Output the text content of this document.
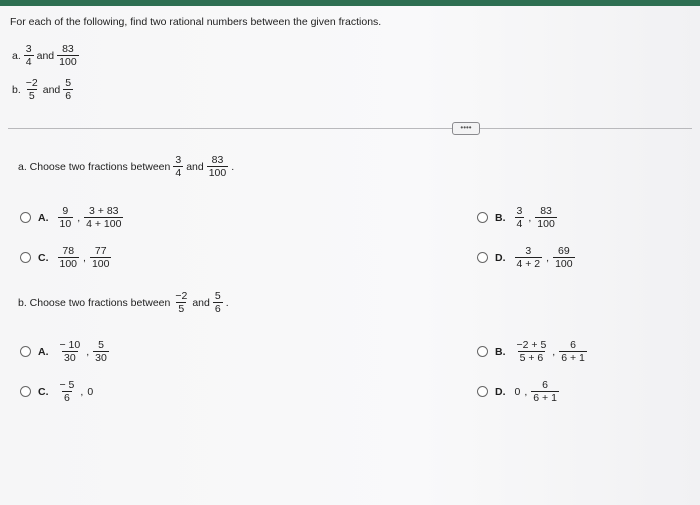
For each of the following, find two rational numbers between the given fractions.
a. $\frac{3}{4}$ and $\frac{83}{100}$
b. $\frac{-2}{5}$ and $\frac{5}{6}$
••••
a. Choose two fractions between $\frac{3}{4}$ and $\frac{83}{100}$ .
A. $\frac{9}{10}$ , $\frac{3 + 83}{4 + 100}$	B. $\frac{3}{4}$ , $\frac{83}{100}$
C. $\frac{78}{100}$ , $\frac{77}{100}$	D. $\frac{3}{4 + 2}$ , $\frac{69}{100}$
b. Choose two fractions between $\frac{-2}{5}$ and $\frac{5}{6}$ .
A. $\frac{- 10}{30}$ , $\frac{5}{30}$	B. $\frac{-2 + 5}{5 + 6}$ , $\frac{6}{6 + 1}$
C. $\frac{- 5}{6}$ , 0	D. 0 , $\frac{6}{6 + 1}$
